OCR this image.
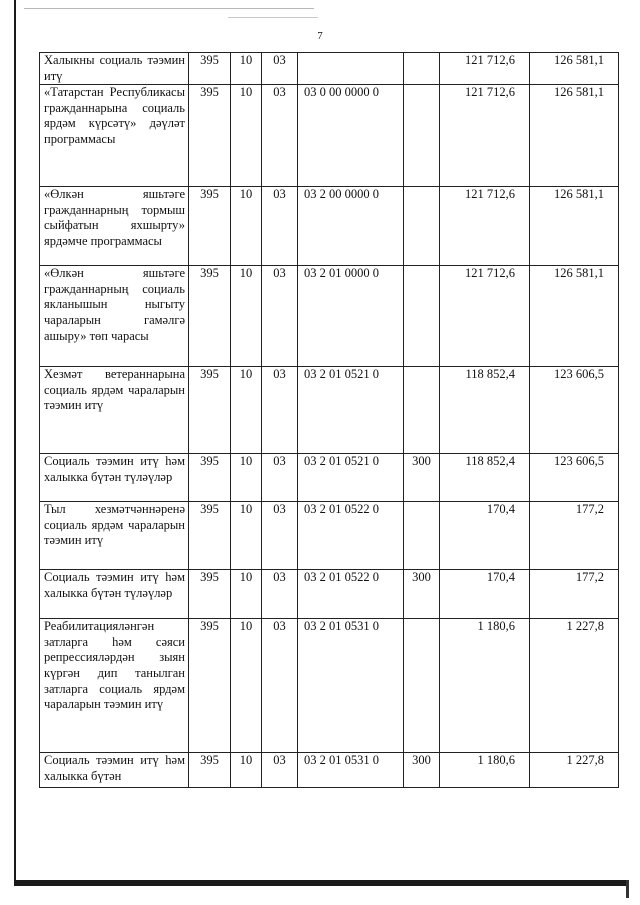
7
Халыкны социаль тәэмин итү	395	10	03			121 712,6	126 581,1
«Татарстан Республикасы гражданнарына социаль ярдәм күрсәтү» дәүләт программасы	395	10	03	03 0 00 0000 0		121 712,6	126 581,1
«Өлкән яшьтәге гражданнарның тормыш сыйфатын яхшырту» ярдәмче программасы	395	10	03	03 2 00 0000 0		121 712,6	126 581,1
«Өлкән яшьтәге гражданнарның социаль якланышын ныгыту чараларын гамәлгә ашыру» төп чарасы	395	10	03	03 2 01 0000 0		121 712,6	126 581,1
Хезмәт ветераннарына социаль ярдәм чараларын тәэмин итү	395	10	03	03 2 01 0521 0		118 852,4	123 606,5
Социаль тәэмин итү һәм халыкка бүтән түләүләр	395	10	03	03 2 01 0521 0	300	118 852,4	123 606,5
Тыл хезмәтчәннәренә социаль ярдәм чараларын тәэмин итү	395	10	03	03 2 01 0522 0		170,4	177,2
Социаль тәэмин итү һәм халыкка бүтән түләүләр	395	10	03	03 2 01 0522 0	300	170,4	177,2
Реабилитацияләнгән затларга һәм сәяси репрессияләрдән зыян күргән дип танылган затларга социаль ярдәм чараларын тәэмин итү	395	10	03	03 2 01 0531 0		1 180,6	1 227,8
Социаль тәэмин итү һәм халыкка бүтән	395	10	03	03 2 01 0531 0	300	1 180,6	1 227,8
